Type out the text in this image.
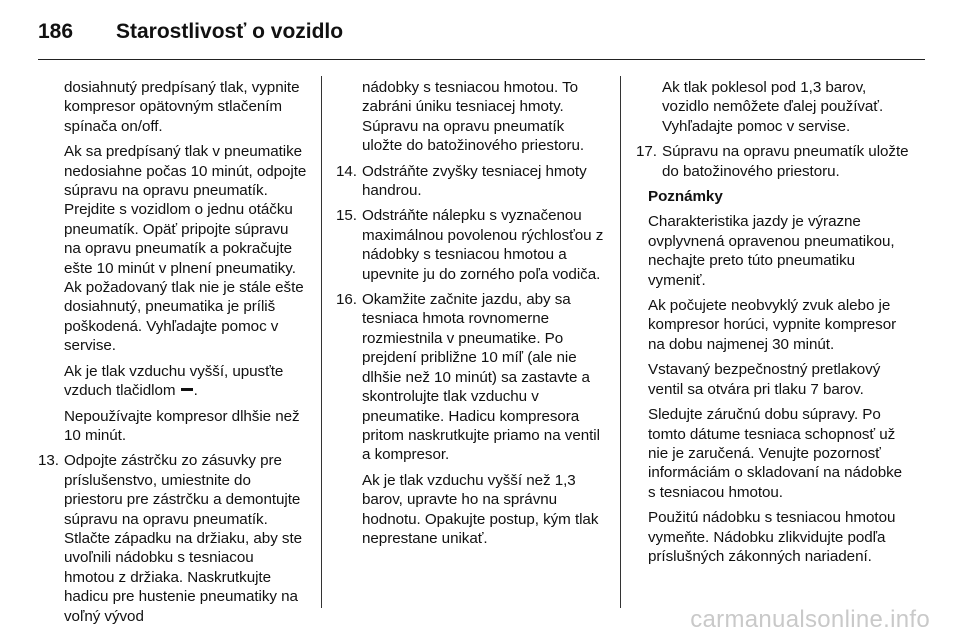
186	Starostlivosť o vozidlo

dosiahnutý predpísaný tlak, vypnite kompresor opätovným stlačením spínača on/off.

Ak sa predpísaný tlak v pneumatike nedosiahne počas 10 minút, odpojte súpravu na opravu pneumatík. Prejdite s vozidlom o jednu otáčku pneumatík. Opäť pripojte súpravu na opravu pneumatík a pokračujte ešte 10 minút v plnení pneumatiky. Ak požadovaný tlak nie je stále ešte dosiahnutý, pneumatika je príliš poškodená. Vyhľadajte pomoc v servise.

Ak je tlak vzduchu vyšší, upusťte vzduch tlačidlom .

Nepoužívajte kompresor dlhšie než 10 minút.

13. Odpojte zástrčku zo zásuvky pre príslušenstvo, umiestnite do priestoru pre zástrčku a demontujte súpravu na opravu pneumatík. Stlačte západku na držiaku, aby ste uvoľnili nádobku s tesniacou hmotou z držiaka. Naskrutkujte hadicu pre hustenie pneumatiky na voľný vývod

nádobky s tesniacou hmotou. To zabráni úniku tesniacej hmoty. Súpravu na opravu pneumatík uložte do batožinového priestoru.

14. Odstráňte zvyšky tesniacej hmoty handrou.

15. Odstráňte nálepku s vyznačenou maximálnou povolenou rýchlosťou z nádobky s tesniacou hmotou a upevnite ju do zorného poľa vodiča.

16. Okamžite začnite jazdu, aby sa tesniaca hmota rovnomerne rozmiestnila v pneumatike. Po prejdení približne 10 míľ (ale nie dlhšie než 10 minút) sa zastavte a skontrolujte tlak vzduchu v pneumatike. Hadicu kompresora pritom naskrutkujte priamo na ventil a kompresor.

Ak je tlak vzduchu vyšší než 1,3 barov, upravte ho na správnu hodnotu. Opakujte postup, kým tlak neprestane unikať.

Ak tlak poklesol pod 1,3 barov, vozidlo nemôžete ďalej používať. Vyhľadajte pomoc v servise.

17. Súpravu na opravu pneumatík uložte do batožinového priestoru.

Poznámky

Charakteristika jazdy je výrazne ovplyvnená opravenou pneumatikou, nechajte preto túto pneumatiku vymeniť.

Ak počujete neobvyklý zvuk alebo je kompresor horúci, vypnite kompresor na dobu najmenej 30 minút.

Vstavaný bezpečnostný pretlakový ventil sa otvára pri tlaku 7 barov.

Sledujte záručnú dobu súpravy. Po tomto dátume tesniaca schopnosť už nie je zaručená. Venujte pozornosť informáciám o skladovaní na nádobke s tesniacou hmotou.

Použitú nádobku s tesniacou hmotou vymeňte. Nádobku zlikvidujte podľa príslušných zákonných nariadení.

carmanualsonline.info
